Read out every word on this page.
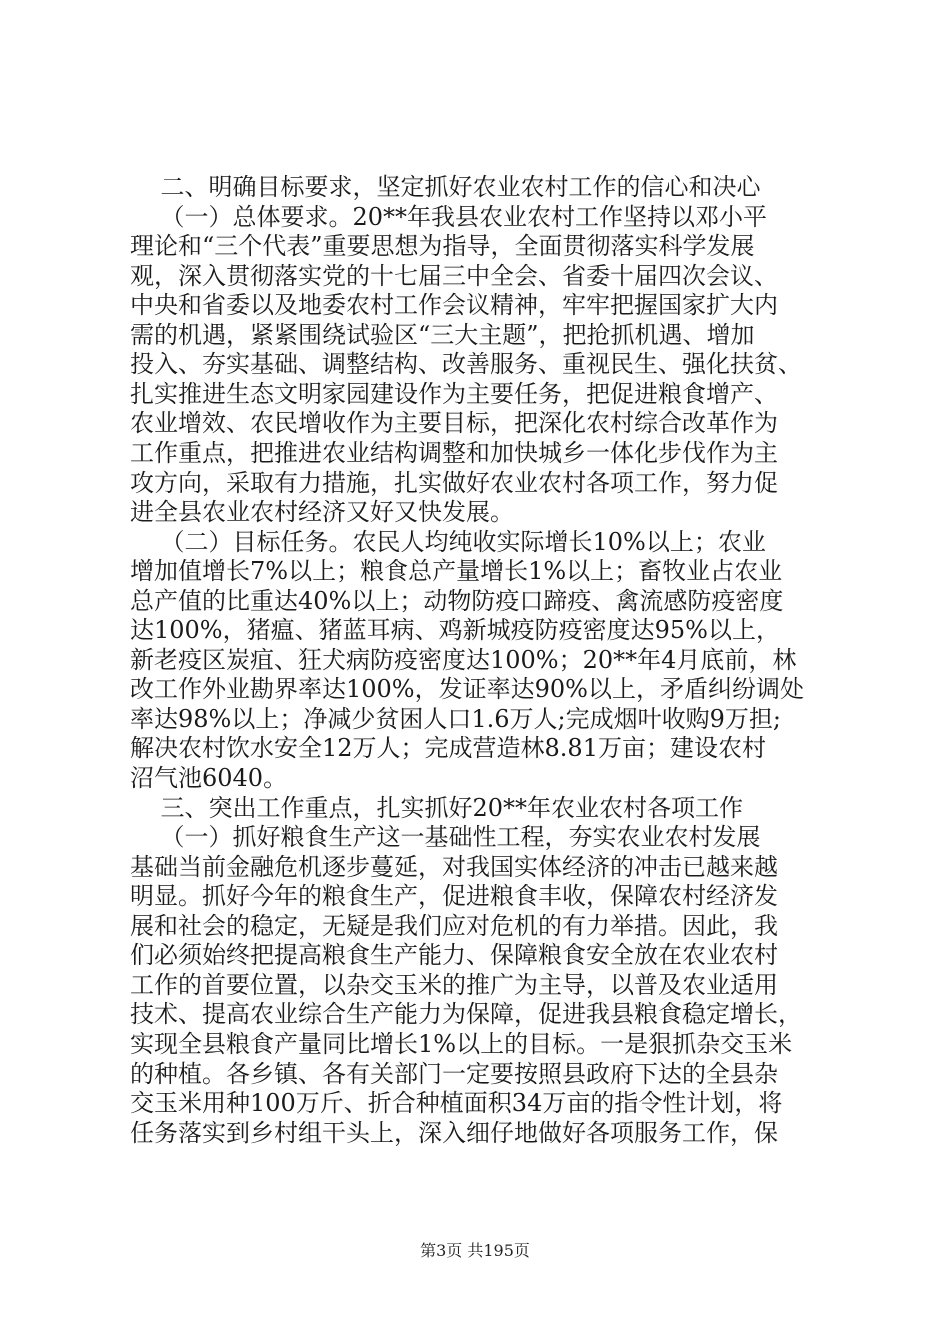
二、明确目标要求，坚定抓好农业农村工作的信心和决心
（一）总体要求。20**年我县农业农村工作坚持以邓小平
理论和“三个代表”重要思想为指导，全面贯彻落实科学发展
观，深入贯彻落实党的十七届三中全会、省委十届四次会议、
中央和省委以及地委农村工作会议精神，牢牢把握国家扩大内
需的机遇，紧紧围绕试验区“三大主题”，把抢抓机遇、增加
投入、夯实基础、调整结构、改善服务、重视民生、强化扶贫、
扎实推进生态文明家园建设作为主要任务，把促进粮食增产、
农业增效、农民增收作为主要目标，把深化农村综合改革作为
工作重点，把推进农业结构调整和加快城乡一体化步伐作为主
攻方向，采取有力措施，扎实做好农业农村各项工作，努力促
进全县农业农村经济又好又快发展。
（二）目标任务。农民人均纯收实际增长10%以上；农业
增加值增长7%以上；粮食总产量增长1%以上；畜牧业占农业
总产值的比重达40%以上；动物防疫口蹄疫、禽流感防疫密度
达100%，猪瘟、猪蓝耳病、鸡新城疫防疫密度达95%以上，
新老疫区炭疽、狂犬病防疫密度达100%；20**年4月底前，林
改工作外业勘界率达100%，发证率达90%以上，矛盾纠纷调处
率达98%以上；净减少贫困人口1.6万人;完成烟叶收购9万担;
解决农村饮水安全12万人；完成营造林8.81万亩；建设农村
沼气池6040。
三、突出工作重点，扎实抓好20**年农业农村各项工作
（一）抓好粮食生产这一基础性工程，夯实农业农村发展
基础当前金融危机逐步蔓延，对我国实体经济的冲击已越来越
明显。抓好今年的粮食生产，促进粮食丰收，保障农村经济发
展和社会的稳定，无疑是我们应对危机的有力举措。因此，我
们必须始终把提高粮食生产能力、保障粮食安全放在农业农村
工作的首要位置，以杂交玉米的推广为主导，以普及农业适用
技术、提高农业综合生产能力为保障，促进我县粮食稳定增长，
实现全县粮食产量同比增长1%以上的目标。一是狠抓杂交玉米
的种植。各乡镇、各有关部门一定要按照县政府下达的全县杂
交玉米用种100万斤、折合种植面积34万亩的指令性计划，将
任务落实到乡村组干头上，深入细仔地做好各项服务工作，保
第3页 共195页
